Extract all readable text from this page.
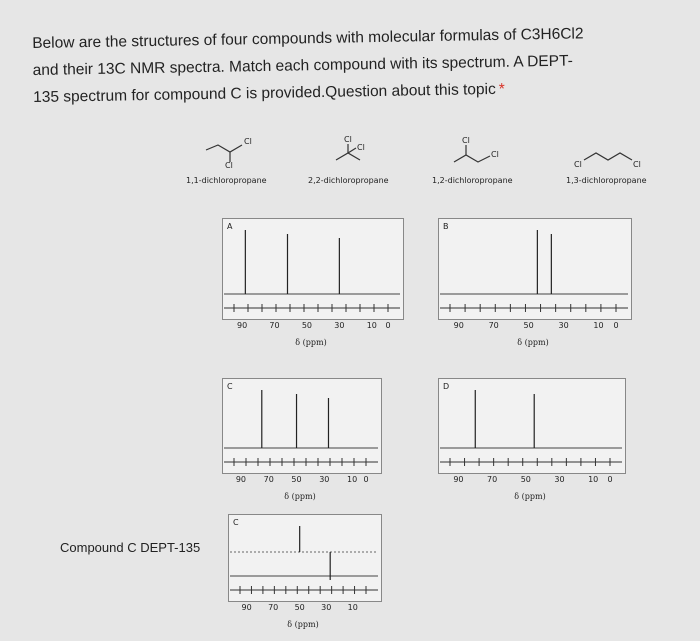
Below are the structures of four compounds with molecular formulas of C3H6Cl2
and their 13C NMR spectra. Match each compound with its spectrum. A DEPT-
135 spectrum for compound C is provided.Question about this topic *
Cl
Cl
1,1-dichloropropane
Cl
Cl
2,2-dichloropropane
Cl
Cl
1,2-dichloropropane
Cl	Cl
1,3-dichloropropane
A	B
C	D
C
Compound C DEPT-135
90	70	50	30	10 0
δ (ppm)
90	70	50	30	10 0
δ (ppm)
90 70 50 30 10 0
δ (ppm)
90	70	50	30	10 0
δ (ppm)
90 70 50 30 10
δ (ppm)
